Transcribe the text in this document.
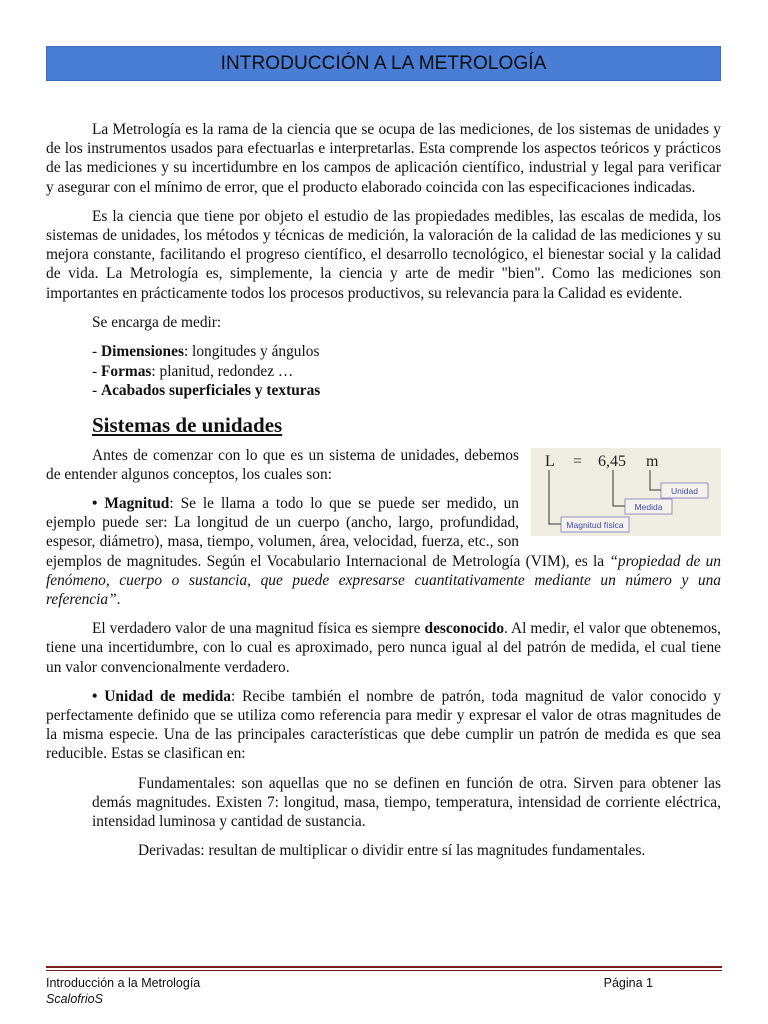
INTRODUCCIÓN A LA METROLOGÍA

La Metrología es la rama de la ciencia que se ocupa de las mediciones, de los sistemas de unidades y de los instrumentos usados para efectuarlas e interpretarlas. Esta comprende los aspectos teóricos y prácticos de las mediciones y su incertidumbre en los campos de aplicación científico, industrial y legal para verificar y asegurar con el mínimo de error, que el producto elaborado coincida con las especificaciones indicadas.

Es la ciencia que tiene por objeto el estudio de las propiedades medibles, las escalas de medida, los sistemas de unidades, los métodos y técnicas de medición, la valoración de la calidad de las mediciones y su mejora constante, facilitando el progreso científico, el desarrollo tecnológico, el bienestar social y la calidad de vida. La Metrología es, simplemente, la ciencia y arte de medir "bien". Como las mediciones son importantes en prácticamente todos los procesos productivos, su relevancia para la Calidad es evidente.

Se encarga de medir:

- Dimensiones: longitudes y ángulos
- Formas: planitud, redondez …
- Acabados superficiales y texturas
Sistemas de unidades
L = 6,45 m
Unidad
Medida
Magnitud física

Antes de comenzar con lo que es un sistema de unidades, debemos de entender algunos conceptos, los cuales son:

• Magnitud: Se le llama a todo lo que se puede ser medido, un ejemplo puede ser: La longitud de un cuerpo (ancho, largo, profundidad, espesor, diámetro), masa, tiempo, volumen, área, velocidad, fuerza, etc., son ejemplos de magnitudes. Según el Vocabulario Internacional de Metrología (VIM), es la “propiedad de un fenómeno, cuerpo o sustancia, que puede expresarse cuantitativamente mediante un número y una referencia”.

El verdadero valor de una magnitud física es siempre desconocido. Al medir, el valor que obtenemos, tiene una incertidumbre, con lo cual es aproximado, pero nunca igual al del patrón de medida, el cual tiene un valor convencionalmente verdadero.

• Unidad de medida: Recibe también el nombre de patrón, toda magnitud de valor conocido y perfectamente definido que se utiliza como referencia para medir y expresar el valor de otras magnitudes de la misma especie. Una de las principales características que debe cumplir un patrón de medida es que sea reducible. Estas se clasifican en:

Fundamentales: son aquellas que no se definen en función de otra. Sirven para obtener las demás magnitudes. Existen 7: longitud, masa, tiempo, temperatura, intensidad de corriente eléctrica, intensidad luminosa y cantidad de sustancia.

Derivadas: resultan de multiplicar o dividir entre sí las magnitudes fundamentales.

Introducción a la Metrología	Página 1
ScalofrioS
